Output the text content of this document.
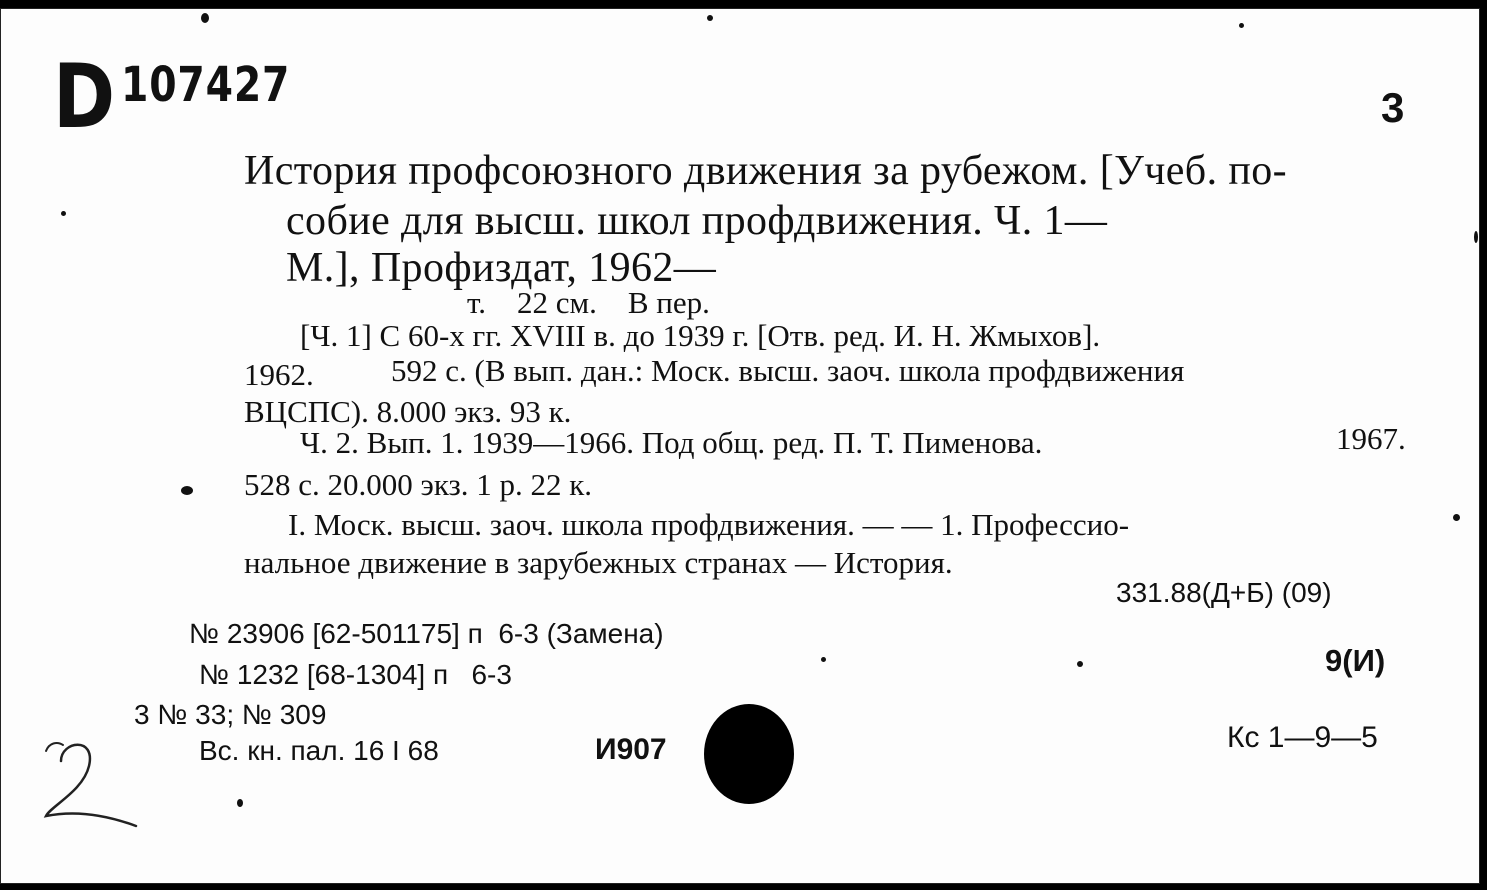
D 107427	3
История профсоюзного движения за рубежом. [Учеб. по-
собие для высш. школ профдвижения. Ч. 1—
М.], Профиздат, 1962—
т.    22 см.    В пер.
[Ч. 1] С 60-х гг. XVIII в. до 1939 г. [Отв. ред. И. Н. Жмыхов].
1962. 592 с. (В вып. дан.: Моск. высш. заоч. школа профдвижения
ВЦСПС). 8.000 экз. 93 к.
Ч. 2. Вып. 1. 1939—1966. Под общ. ред. П. Т. Пименова.	1967.
528 с. 20.000 экз. 1 р. 22 к.
I. Моск. высш. заоч. школа профдвижения. — — 1. Профессио-
нальное движение в зарубежных странах — История.
331.88(Д+Б) (09)
№ 23906 [62-501175] п  6-3 (Замена)
№ 1232 [68-1304] п   6-3
3 № 33; № 309
Вс. кн. пал. 16 I 68	И907
9(И)
Кс 1—9—5
